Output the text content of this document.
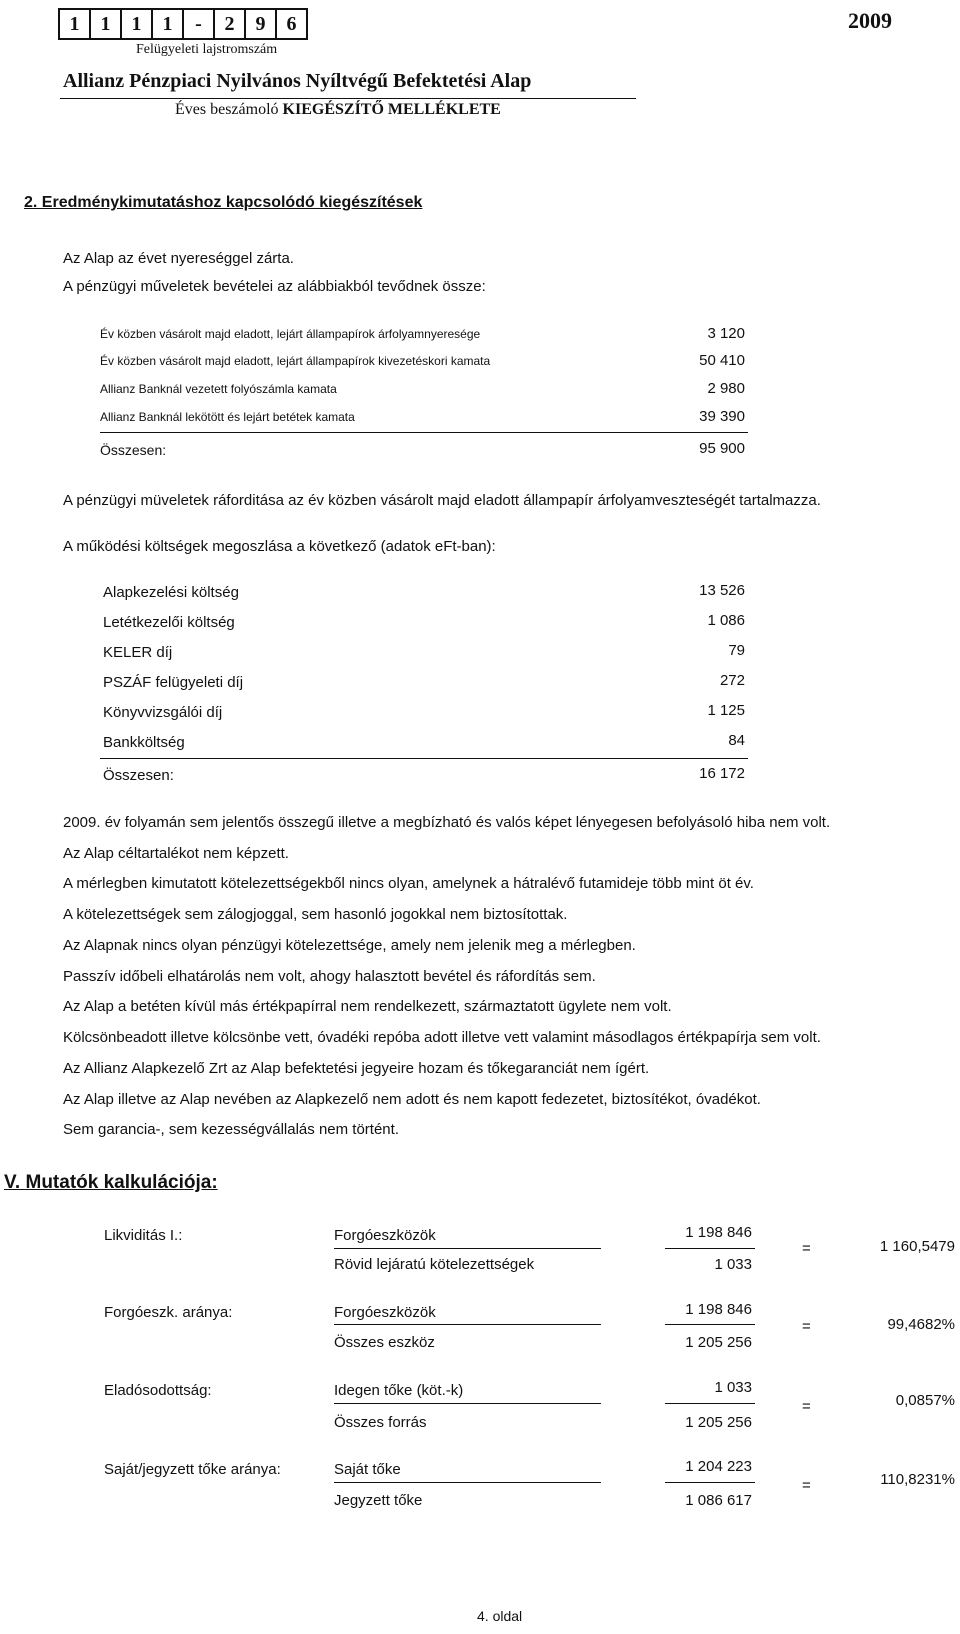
1	1	1	1	-	2	9	6
Felügyeleti lajstromszám
2009
Allianz Pénzpiaci Nyilvános Nyíltvégű Befektetési Alap
Éves beszámoló KIEGÉSZÍTŐ MELLÉKLETE
2. Eredménykimutatáshoz kapcsolódó kiegészítések
Az Alap az évet nyereséggel zárta.
A pénzügyi műveletek bevételei az alábbiakból tevődnek össze:
Év közben vásárolt majd eladott, lejárt állampapírok árfolyamnyeresége	3 120
Év közben vásárolt majd eladott, lejárt állampapírok kivezetéskori kamata	50 410
Allianz Banknál vezetett folyószámla kamata	2 980
Allianz Banknál lekötött és lejárt betétek kamata	39 390
Összesen:	95 900
A pénzügyi müveletek ráforditása az év közben vásárolt majd eladott állampapír árfolyamveszteségét tartalmazza.
A működési költségek megoszlása a következő (adatok eFt-ban):
Alapkezelési költség	13 526
Letétkezelői költség	1 086
KELER díj	79
PSZÁF felügyeleti díj	272
Könyvvizsgálói díj	1 125
Bankköltség	84
Összesen:	16 172
2009. év folyamán sem jelentős összegű illetve a megbízható és valós képet lényegesen befolyásoló hiba nem volt.
Az Alap céltartalékot nem képzett.
A mérlegben kimutatott kötelezettségekből nincs olyan, amelynek a hátralévő futamideje több mint öt év.
A kötelezettségek sem zálogjoggal, sem hasonló jogokkal nem biztosítottak.
Az Alapnak nincs olyan pénzügyi kötelezettsége, amely nem jelenik meg a mérlegben.
Passzív időbeli elhatárolás nem volt, ahogy halasztott bevétel és ráfordítás sem.
Az Alap a betéten kívül más értékpapírral nem rendelkezett, származtatott ügylete nem volt.
Kölcsönbeadott illetve kölcsönbe vett, óvadéki repóba adott illetve vett valamint másodlagos értékpapírja sem volt.
Az Allianz Alapkezelő Zrt az Alap befektetési jegyeire hozam és tőkegaranciát nem ígért.
Az Alap illetve az Alap nevében az Alapkezelő nem adott és nem kapott fedezetet, biztosítékot, óvadékot.
Sem garancia-, sem kezességvállalás nem történt.
V. Mutatók kalkulációja:
Likviditás I.:	Forgóeszközök	1 198 846
Rövid lejáratú kötelezettségek	1 033
=	1 160,5479
Forgóeszk. aránya:	Forgóeszközök	1 198 846
Összes eszköz	1 205 256
=	99,4682%
Eladósodottság:	Idegen tőke (köt.-k)	1 033
Összes forrás	1 205 256
=	0,0857%
Saját/jegyzett tőke aránya:	Saját tőke	1 204 223
Jegyzett tőke	1 086 617
=	110,8231%
4. oldal
